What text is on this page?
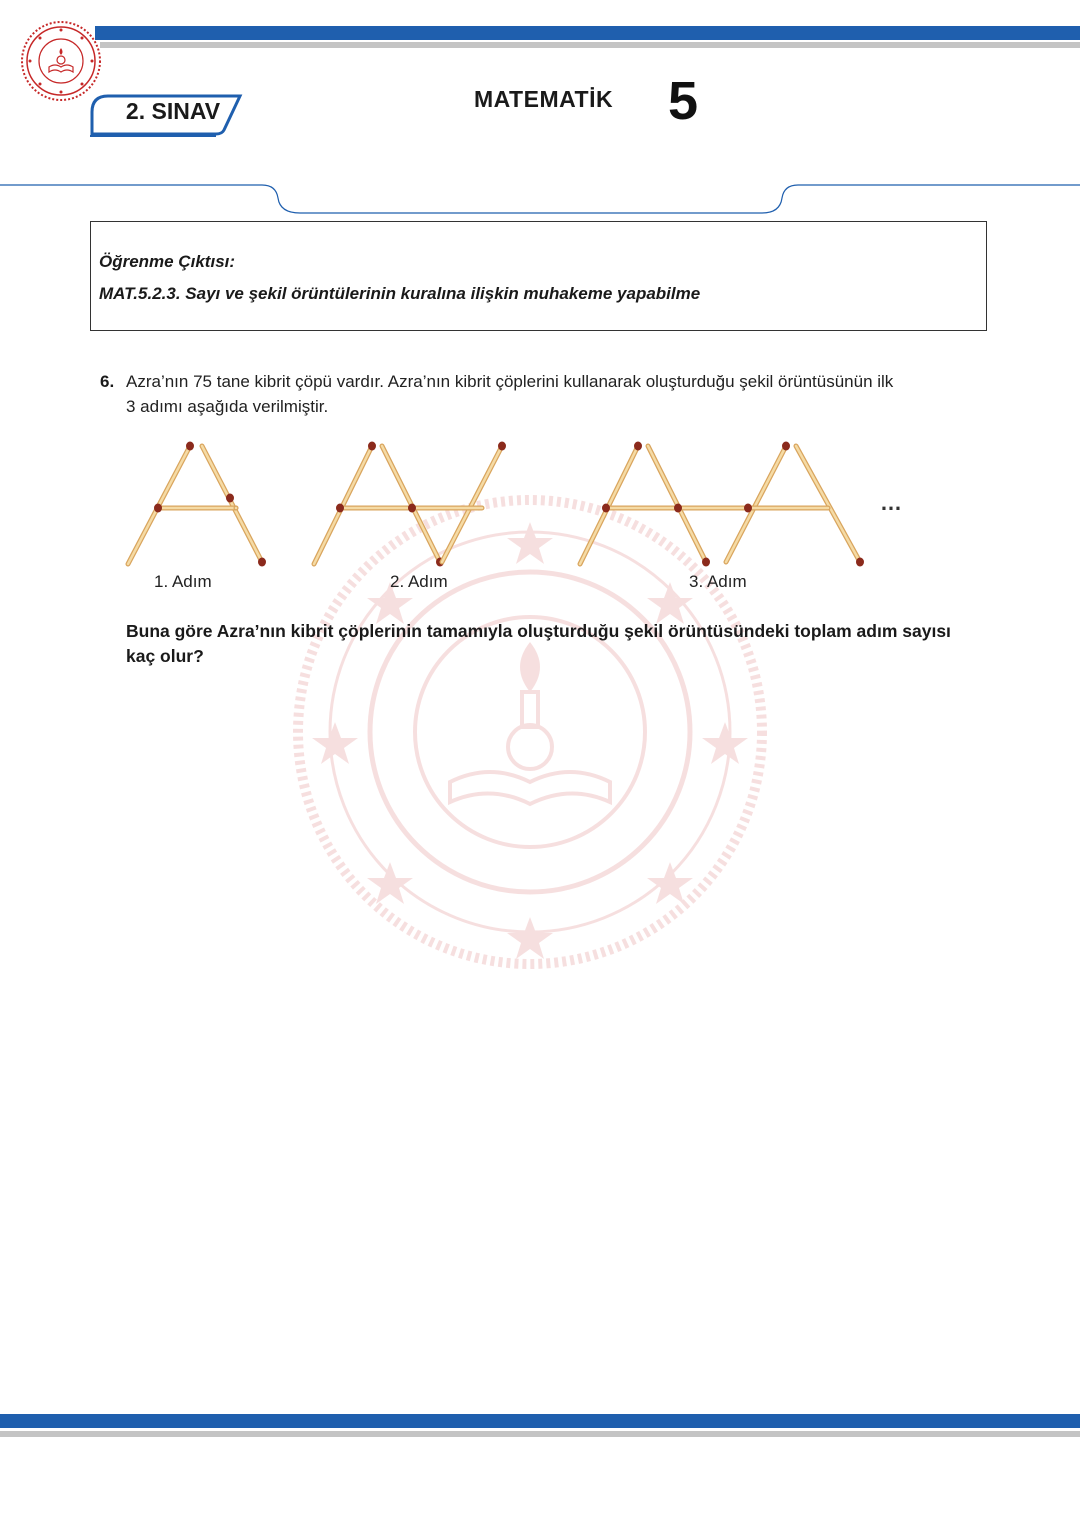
2. SINAV	MATEMATİK 5
Öğrenme Çıktısı:
MAT.5.2.3. Sayı ve şekil örüntülerinin kuralına ilişkin muhakeme yapabilme
6. Azra’nın 75 tane kibrit çöpü vardır. Azra’nın kibrit çöplerini kullanarak oluşturduğu şekil örüntüsünün ilk
3 adımı aşağıda verilmiştir.
1. Adım	2. Adım	3. Adım
…
Buna göre Azra’nın kibrit çöplerinin tamamıyla oluşturduğu şekil örüntüsündeki toplam adım sayısı
kaç olur?
